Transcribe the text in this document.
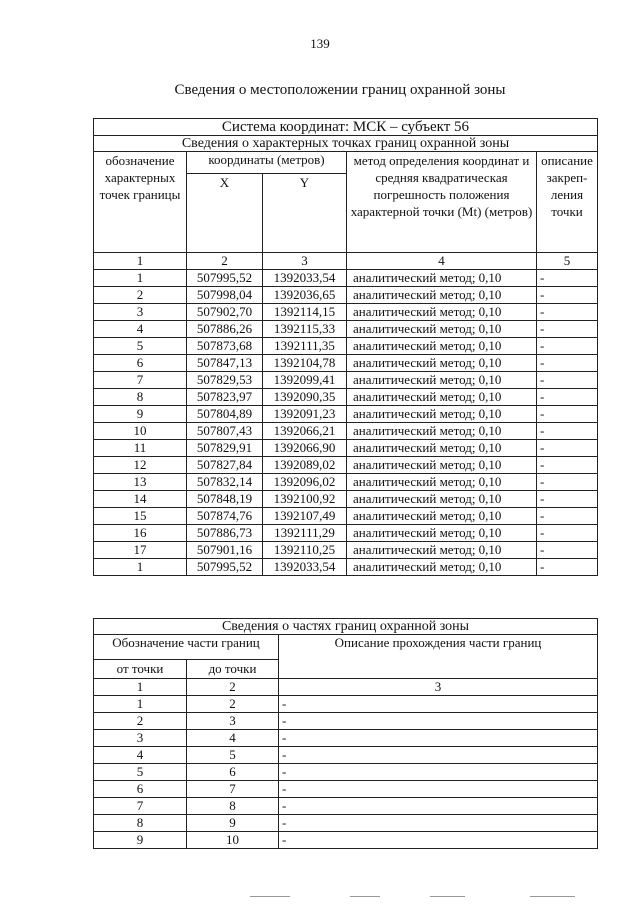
139
Сведения о местоположении границ охранной зоны
Система координат: МСК – субъект 56				
Сведения о характерных точках границ охранной зоны				
обозначение характерных точек границы	координаты (метров)		метод определения координат и средняя квадратическая погрешность положения характерной точки (Mt) (метров)	описание закреп-ления точки
	X	Y		
1	2	3	4	5
1	507995,52	1392033,54	аналитический метод; 0,10	-
2	507998,04	1392036,65	аналитический метод; 0,10	-
3	507902,70	1392114,15	аналитический метод; 0,10	-
4	507886,26	1392115,33	аналитический метод; 0,10	-
5	507873,68	1392111,35	аналитический метод; 0,10	-
6	507847,13	1392104,78	аналитический метод; 0,10	-
7	507829,53	1392099,41	аналитический метод; 0,10	-
8	507823,97	1392090,35	аналитический метод; 0,10	-
9	507804,89	1392091,23	аналитический метод; 0,10	-
10	507807,43	1392066,21	аналитический метод; 0,10	-
11	507829,91	1392066,90	аналитический метод; 0,10	-
12	507827,84	1392089,02	аналитический метод; 0,10	-
13	507832,14	1392096,02	аналитический метод; 0,10	-
14	507848,19	1392100,92	аналитический метод; 0,10	-
15	507874,76	1392107,49	аналитический метод; 0,10	-
16	507886,73	1392111,29	аналитический метод; 0,10	-
17	507901,16	1392110,25	аналитический метод; 0,10	-
1	507995,52	1392033,54	аналитический метод; 0,10	-
Сведения о частях границ охранной зоны		
Обозначение части границ		Описание прохождения части границ
от точки	до точки	
1	2	3
1	2	-
2	3	-
3	4	-
4	5	-
5	6	-
6	7	-
7	8	-
8	9	-
9	10	-
